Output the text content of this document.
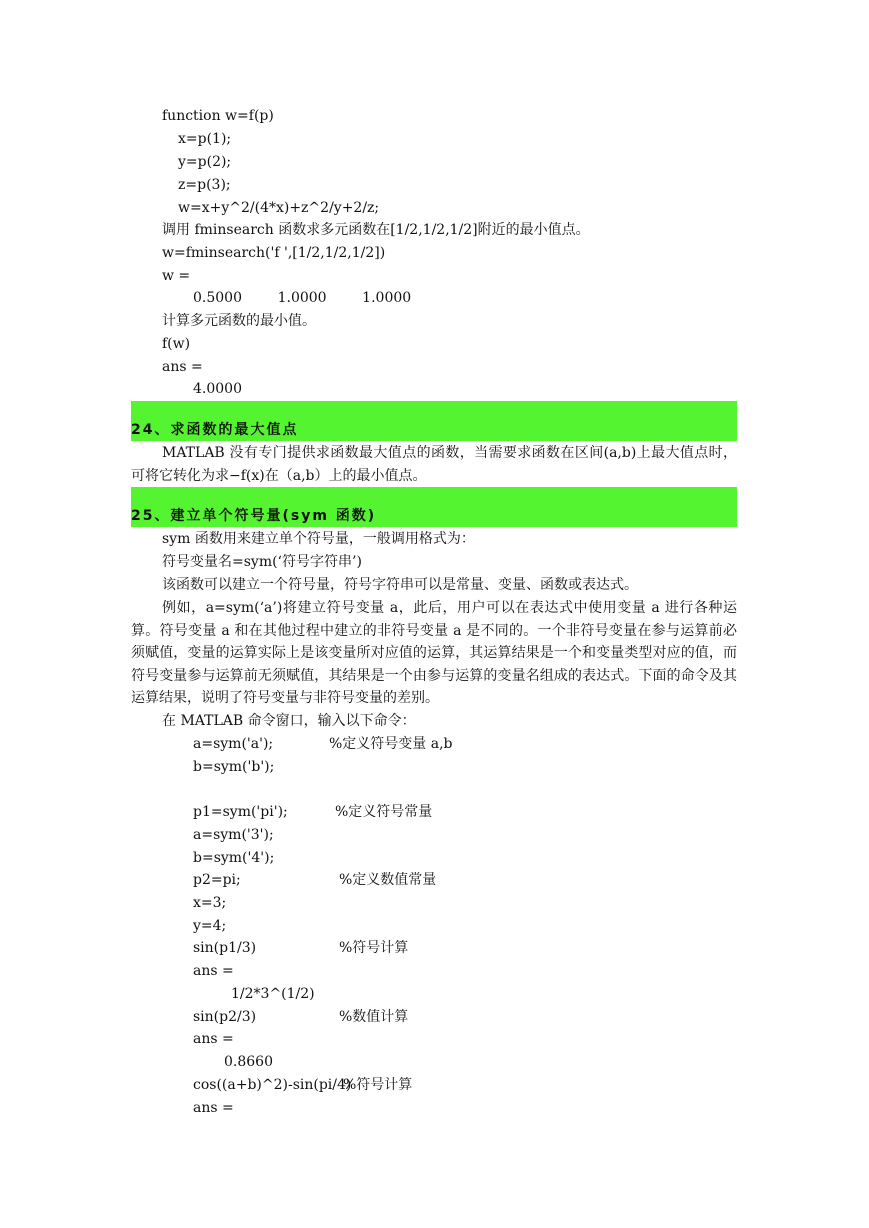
function w=f(p)
x=p(1);
y=p(2);
z=p(3);
w=x+y^2/(4*x)+z^2/y+2/z;
调用 fminsearch 函数求多元函数在[1/2,1/2,1/2]附近的最小值点。
w=fminsearch('f ',[1/2,1/2,1/2])
w =
0.5000        1.0000        1.0000
计算多元函数的最小值。
f(w)
ans =
4.0000
24、求函数的最大值点
MATLAB 没有专门提供求函数最大值点的函数，当需要求函数在区间(a,b)上最大值点时，可将它转化为求−f(x)在（a,b）上的最小值点。
25、建立单个符号量(sym 函数)
sym 函数用来建立单个符号量，一般调用格式为：
符号变量名=sym(‘符号字符串’)
该函数可以建立一个符号量，符号字符串可以是常量、变量、函数或表达式。
例如，a=sym(‘a’)将建立符号变量 a，此后，用户可以在表达式中使用变量 a 进行各种运算。符号变量 a 和在其他过程中建立的非符号变量 a 是不同的。一个非符号变量在参与运算前必须赋值，变量的运算实际上是该变量所对应值的运算，其运算结果是一个和变量类型对应的值，而符号变量参与运算前无须赋值，其结果是一个由参与运算的变量名组成的表达式。下面的命令及其运算结果，说明了符号变量与非符号变量的差别。
在 MATLAB 命令窗口，输入以下命令：
a=sym('a');	%定义符号变量 a,b
b=sym('b');
p1=sym('pi');	%定义符号常量
a=sym('3');
b=sym('4');
p2=pi;	%定义数值常量
x=3;
y=4;
sin(p1/3)	%符号计算
ans =
1/2*3^(1/2)
sin(p2/3)	%数值计算
ans =
0.8660
cos((a+b)^2)-sin(pi/4)
%符号计算
ans =
